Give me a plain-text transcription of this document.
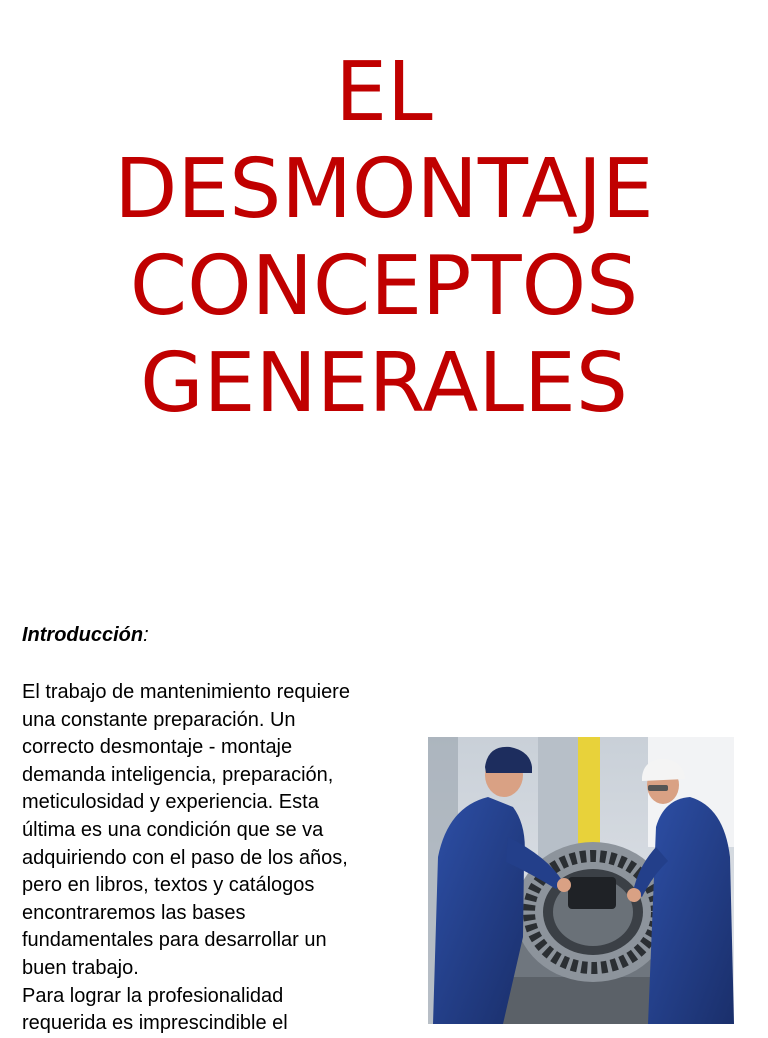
EL
DESMONTAJE
CONCEPTOS
GENERALES
Introducción:
El trabajo de mantenimiento requiere
una constante preparación. Un
correcto desmontaje - montaje
demanda inteligencia, preparación,
meticulosidad y experiencia. Esta
última es una condición que se va
adquiriendo con el paso de los años,
pero en libros, textos y catálogos
encontraremos las bases
fundamentales para desarrollar un
buen trabajo.
Para lograr la profesionalidad
requerida es imprescindible el
